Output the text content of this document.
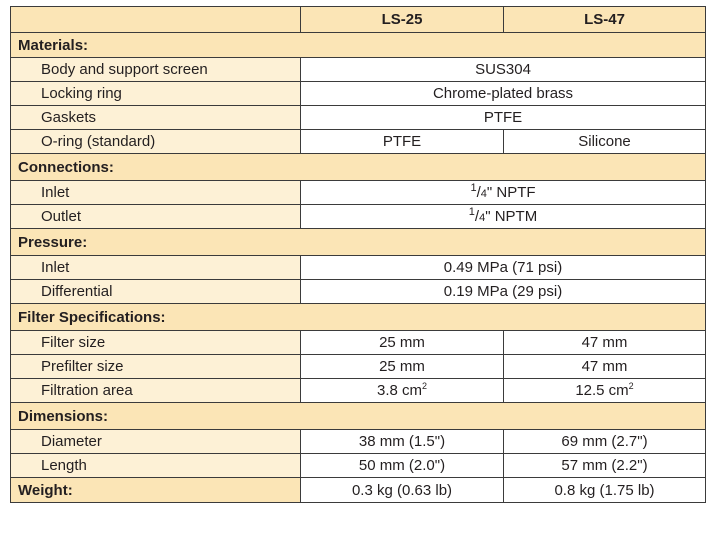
	LS-25	LS-47
Materials:		
Body and support screen	SUS304	
Locking ring	Chrome-plated brass	
Gaskets	PTFE	
O-ring (standard)	PTFE	Silicone
Connections:		
Inlet	$^1$/4" NPTF	
Outlet	$^1$/4" NPTM	
Pressure:		
Inlet	0.49 MPa (71 psi)	
Differential	0.19 MPa (29 psi)	
Filter Specifications:		
Filter size	25 mm	47 mm
Prefilter size	25 mm	47 mm
Filtration area	3.8 $cm^2$	12.5 $cm^2$
Dimensions:		
Diameter	38 mm (1.5")	69 mm (2.7")
Length	50 mm (2.0")	57 mm (2.2")
Weight:	0.3 kg (0.63 lb)	0.8 kg (1.75 lb)
